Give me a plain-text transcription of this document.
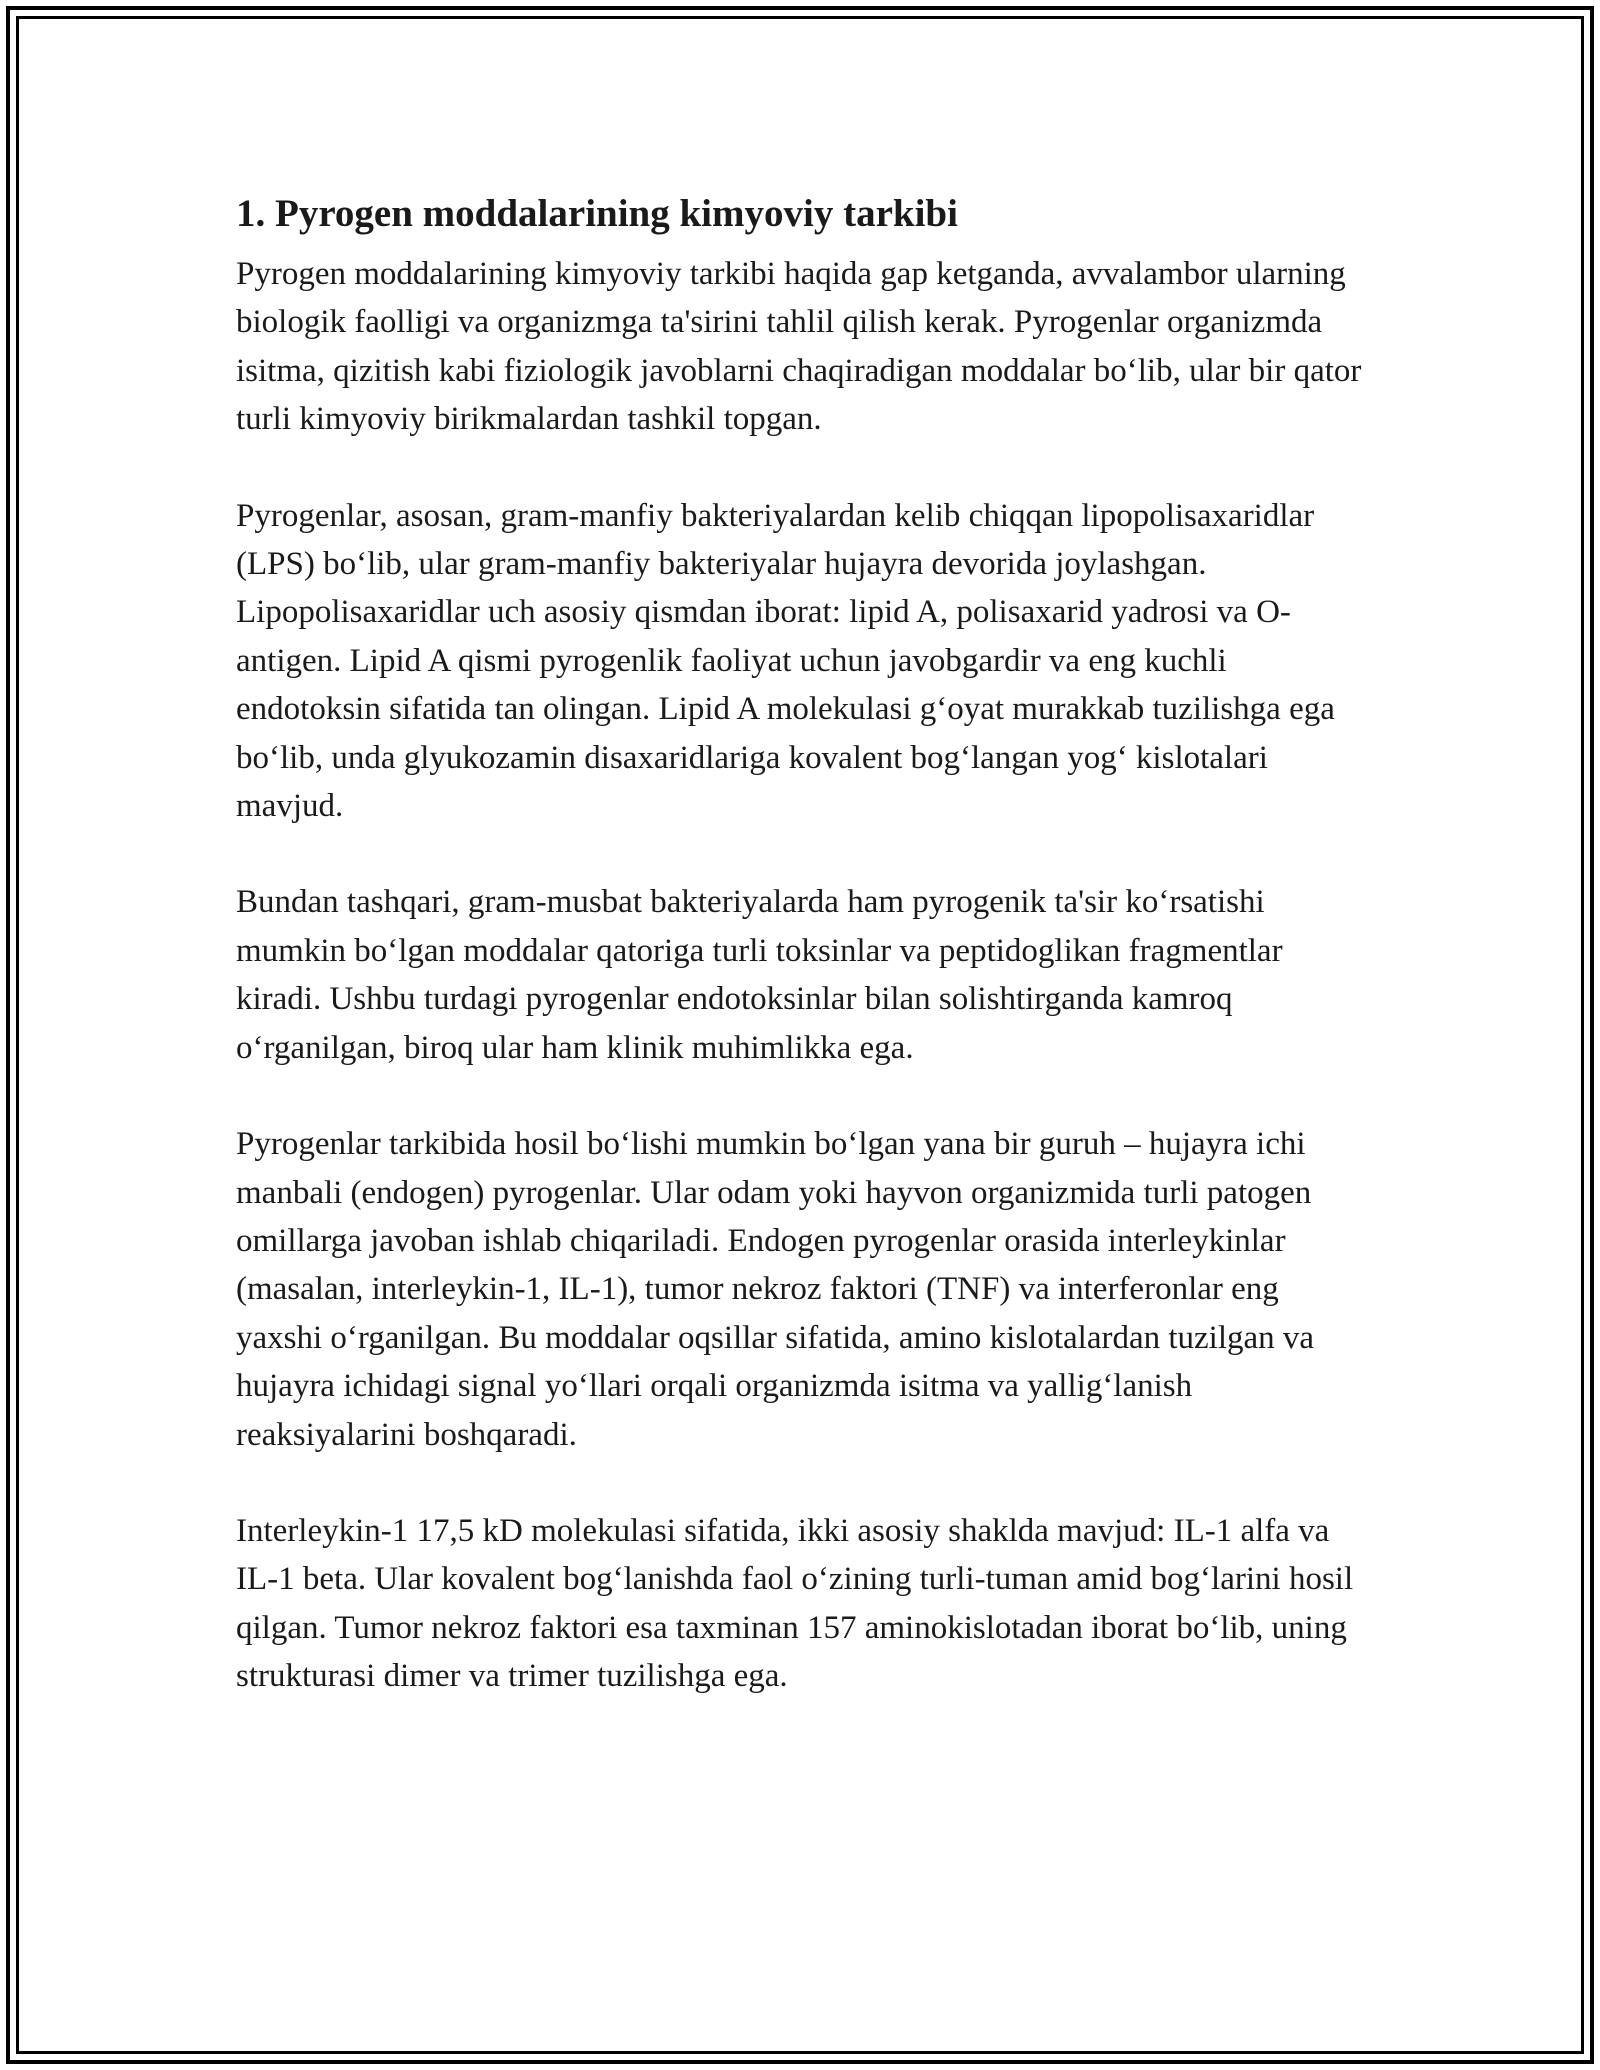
1. Pyrogen moddalarining kimyoviy tarkibi

Pyrogen moddalarining kimyoviy tarkibi haqida gap ketganda, avvalambor ularning biologik faolligi va organizmga ta'sirini tahlil qilish kerak. Pyrogenlar organizmda isitma, qizitish kabi fiziologik javoblarni chaqiradigan moddalar bo‘lib, ular bir qator turli kimyoviy birikmalardan tashkil topgan.

Pyrogenlar, asosan, gram-manfiy bakteriyalardan kelib chiqqan lipopolisaxaridlar (LPS) bo‘lib, ular gram-manfiy bakteriyalar hujayra devorida joylashgan. Lipopolisaxaridlar uch asosiy qismdan iborat: lipid A, polisaxarid yadrosi va O-antigen. Lipid A qismi pyrogenlik faoliyat uchun javobgardir va eng kuchli endotoksin sifatida tan olingan. Lipid A molekulasi g‘oyat murakkab tuzilishga ega bo‘lib, unda glyukozamin disaxaridlariga kovalent bog‘langan yog‘ kislotalari mavjud.

Bundan tashqari, gram-musbat bakteriyalarda ham pyrogenik ta'sir ko‘rsatishi mumkin bo‘lgan moddalar qatoriga turli toksinlar va peptidoglikan fragmentlar kiradi. Ushbu turdagi pyrogenlar endotoksinlar bilan solishtirganda kamroq o‘rganilgan, biroq ular ham klinik muhimlikka ega.

Pyrogenlar tarkibida hosil bo‘lishi mumkin bo‘lgan yana bir guruh – hujayra ichi manbali (endogen) pyrogenlar. Ular odam yoki hayvon organizmida turli patogen omillarga javoban ishlab chiqariladi. Endogen pyrogenlar orasida interleykinlar (masalan, interleykin-1, IL-1), tumor nekroz faktori (TNF) va interferonlar eng yaxshi o‘rganilgan. Bu moddalar oqsillar sifatida, amino kislotalardan tuzilgan va hujayra ichidagi signal yo‘llari orqali organizmda isitma va yallig‘lanish reaksiyalarini boshqaradi.

Interleykin-1 17,5 kD molekulasi sifatida, ikki asosiy shaklda mavjud: IL-1 alfa va IL-1 beta. Ular kovalent bog‘lanishda faol o‘zining turli-tuman amid bog‘larini hosil qilgan. Tumor nekroz faktori esa taxminan 157 aminokislotadan iborat bo‘lib, uning strukturasi dimer va trimer tuzilishga ega.
